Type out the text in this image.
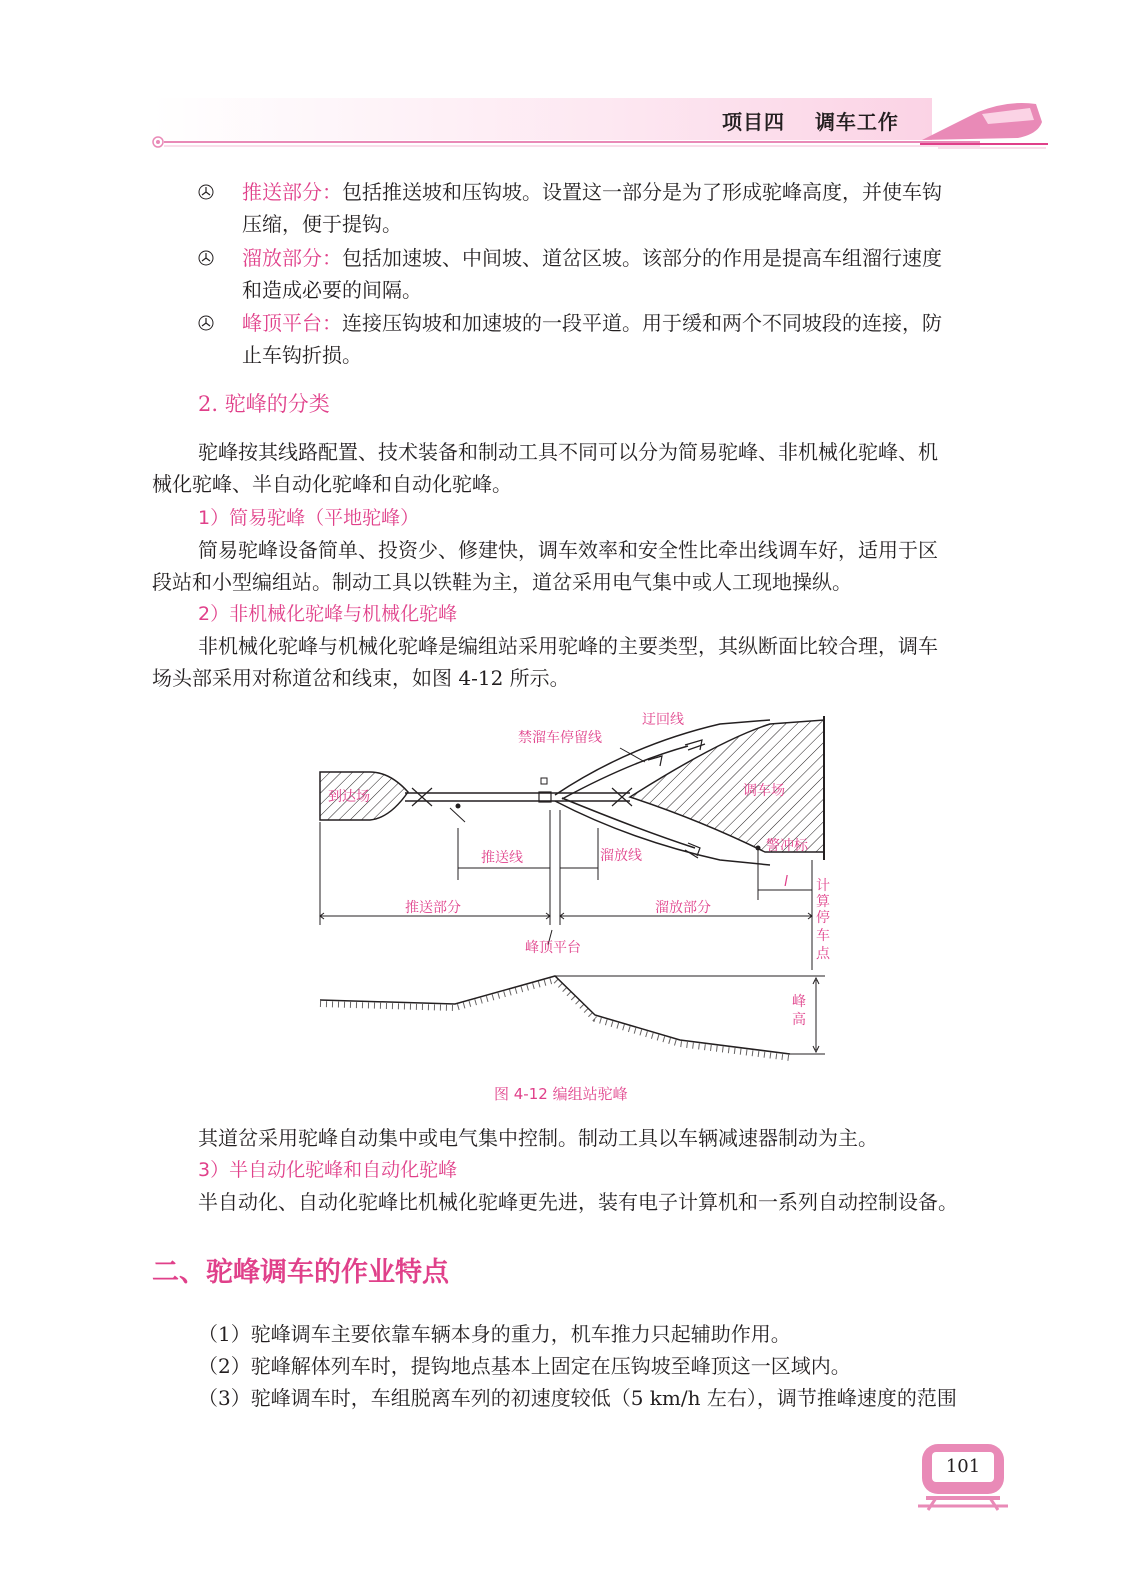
项目四 调车工作
推送部分：包括推送坡和压钩坡。设置这一部分是为了形成驼峰高度，并使车钩
压缩，便于提钩。
溜放部分：包括加速坡、中间坡、道岔区坡。该部分的作用是提高车组溜行速度
和造成必要的间隔。
峰顶平台：连接压钩坡和加速坡的一段平道。用于缓和两个不同坡段的连接，防
止车钩折损。
2. 驼峰的分类
驼峰按其线路配置、技术装备和制动工具不同可以分为简易驼峰、非机械化驼峰、机
械化驼峰、半自动化驼峰和自动化驼峰。
1）简易驼峰（平地驼峰）
简易驼峰设备简单、投资少、修建快，调车效率和安全性比牵出线调车好，适用于区
段站和小型编组站。制动工具以铁鞋为主，道岔采用电气集中或人工现地操纵。
2）非机械化驼峰与机械化驼峰
非机械化驼峰与机械化驼峰是编组站采用驼峰的主要类型，其纵断面比较合理，调车
场头部采用对称道岔和线束，如图 4-12 所示。
迂回线
禁溜车停留线
到达场	调车场
警冲标
推送线	溜放线
推送部分	溜放部分
l 计
算
停
车
点
峰顶平台
峰
高
图 4-12 编组站驼峰
其道岔采用驼峰自动集中或电气集中控制。制动工具以车辆减速器制动为主。
3）半自动化驼峰和自动化驼峰
半自动化、自动化驼峰比机械化驼峰更先进，装有电子计算机和一系列自动控制设备。
二、驼峰调车的作业特点
（1）驼峰调车主要依靠车辆本身的重力，机车推力只起辅助作用。
（2）驼峰解体列车时，提钩地点基本上固定在压钩坡至峰顶这一区域内。
（3）驼峰调车时，车组脱离车列的初速度较低（5 km/h 左右），调节推峰速度的范围
101
